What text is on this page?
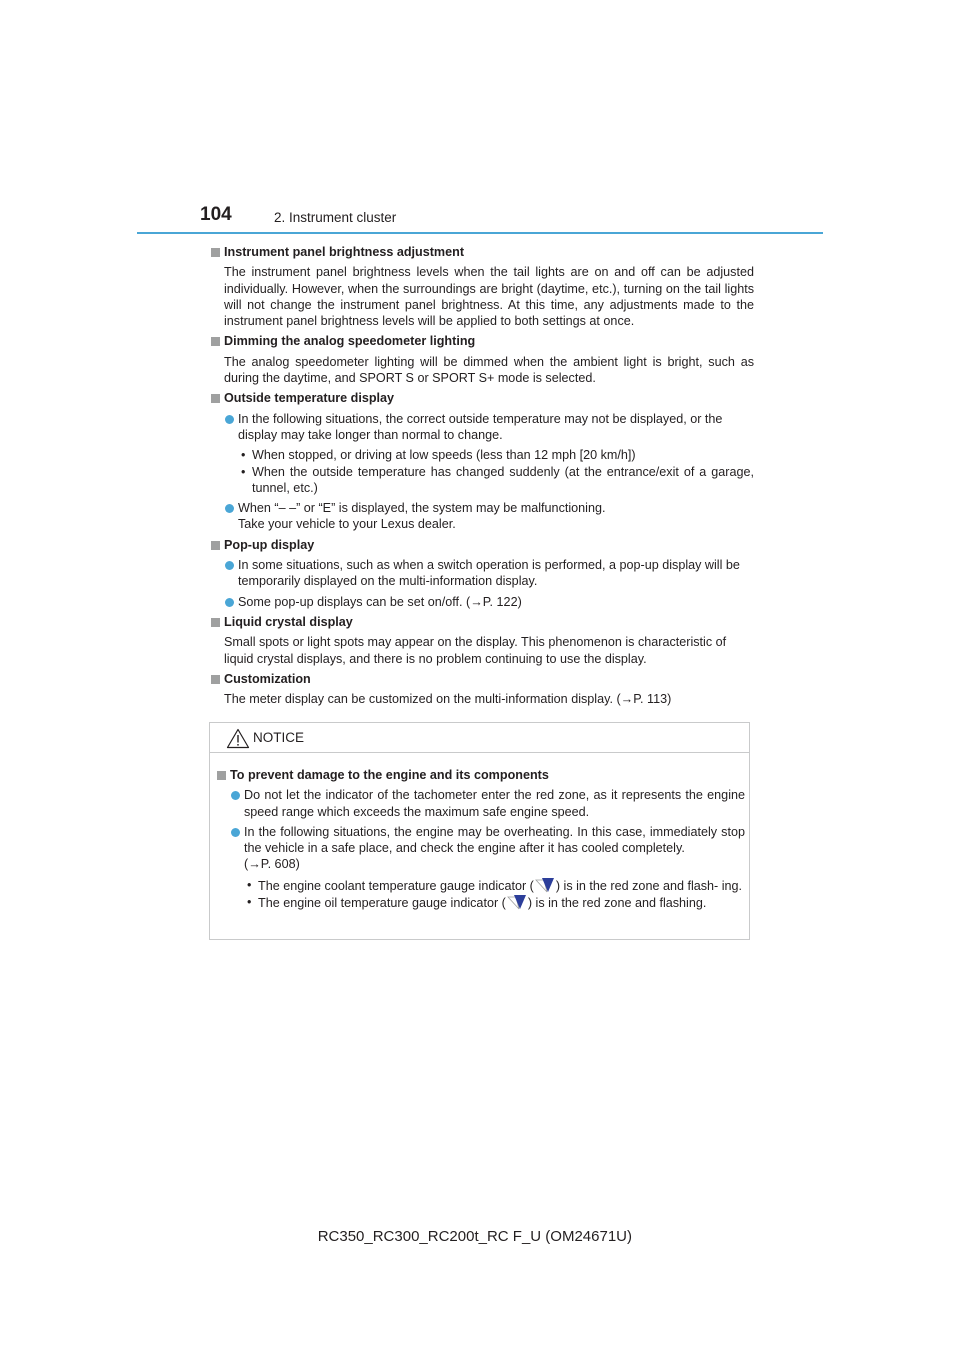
104	2. Instrument cluster
Instrument panel brightness adjustment
The instrument panel brightness levels when the tail lights are on and off can be adjusted individually. However, when the surroundings are bright (daytime, etc.), turning on the tail lights will not change the instrument panel brightness. At this time, any adjustments made to the instrument panel brightness levels will be applied to both settings at once.
Dimming the analog speedometer lighting
The analog speedometer lighting will be dimmed when the ambient light is bright, such as during the daytime, and SPORT S or SPORT S+ mode is selected.
Outside temperature display
In the following situations, the correct outside temperature may not be displayed, or the display may take longer than normal to change.
• When stopped, or driving at low speeds (less than 12 mph [20 km/h])
• When the outside temperature has changed suddenly (at the entrance/exit of a garage, tunnel, etc.)
When “– –” or “E” is displayed, the system may be malfunctioning.
Take your vehicle to your Lexus dealer.
Pop-up display
In some situations, such as when a switch operation is performed, a pop-up display will be temporarily displayed on the multi-information display.
Some pop-up displays can be set on/off. (→P. 122)
Liquid crystal display
Small spots or light spots may appear on the display. This phenomenon is characteristic of liquid crystal displays, and there is no problem continuing to use the display.
Customization
The meter display can be customized on the multi-information display. (→P. 113)
NOTICE
To prevent damage to the engine and its components
Do not let the indicator of the tachometer enter the red zone, as it represents the engine speed range which exceeds the maximum safe engine speed.
In the following situations, the engine may be overheating. In this case, immediately stop the vehicle in a safe place, and check the engine after it has cooled completely.
(→P. 608)
• The engine coolant temperature gauge indicator ( ) is in the red zone and flash- ing.
• The engine oil temperature gauge indicator ( ) is in the red zone and flashing.
RC350_RC300_RC200t_RC F_U (OM24671U)
